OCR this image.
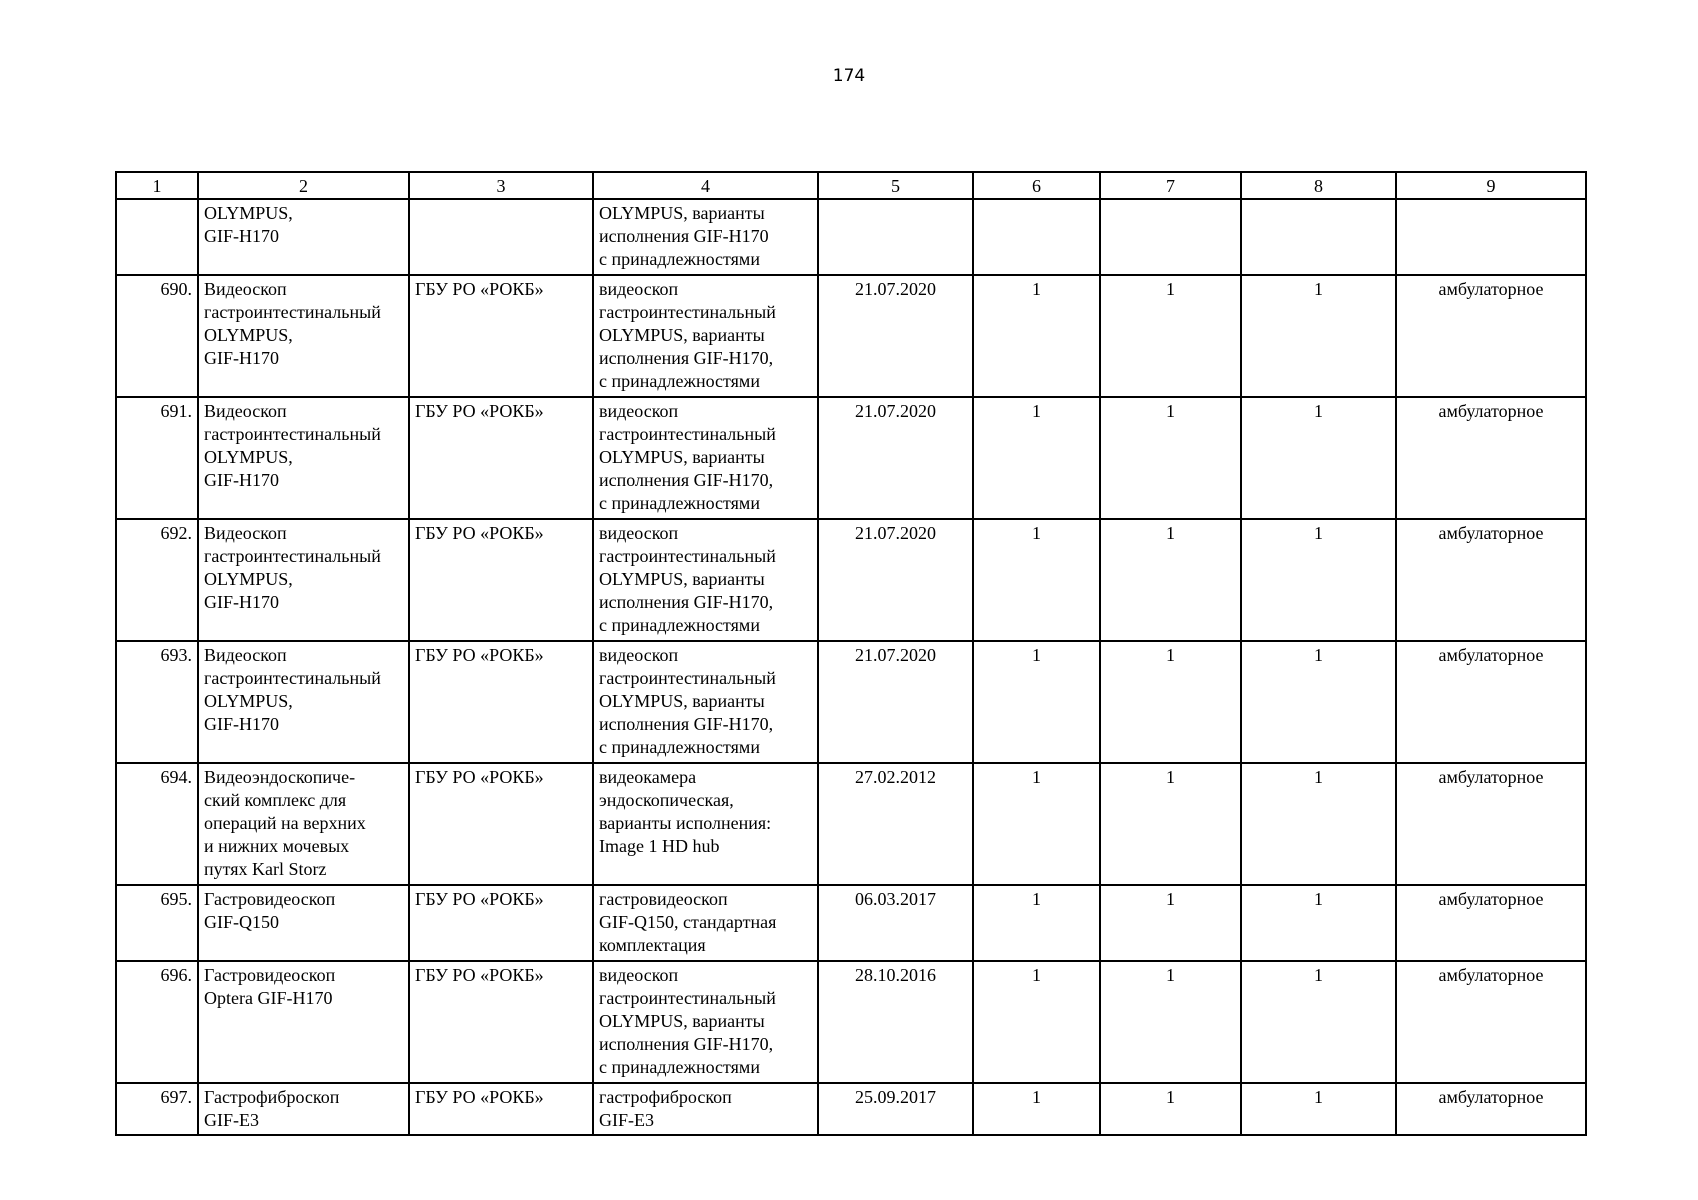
174
1	2	3	4	5	6	7	8	9
	OLYMPUS,
GIF-H170		OLYMPUS, варианты
исполнения GIF-H170
с принадлежностями					
690.	Видеоскоп
гастроинтестинальный
OLYMPUS,
GIF-H170	ГБУ РО «РОКБ»	видеоскоп
гастроинтестинальный
OLYMPUS, варианты
исполнения GIF-H170,
с принадлежностями	21.07.2020	1	1	1	амбулаторное
691.	Видеоскоп
гастроинтестинальный
OLYMPUS,
GIF-H170	ГБУ РО «РОКБ»	видеоскоп
гастроинтестинальный
OLYMPUS, варианты
исполнения GIF-H170,
с принадлежностями	21.07.2020	1	1	1	амбулаторное
692.	Видеоскоп
гастроинтестинальный
OLYMPUS,
GIF-H170	ГБУ РО «РОКБ»	видеоскоп
гастроинтестинальный
OLYMPUS, варианты
исполнения GIF-H170,
с принадлежностями	21.07.2020	1	1	1	амбулаторное
693.	Видеоскоп
гастроинтестинальный
OLYMPUS,
GIF-H170	ГБУ РО «РОКБ»	видеоскоп
гастроинтестинальный
OLYMPUS, варианты
исполнения GIF-H170,
с принадлежностями	21.07.2020	1	1	1	амбулаторное
694.	Видеоэндоскопиче-
ский комплекс для
операций на верхних
и нижних мочевых
путях Karl Storz	ГБУ РО «РОКБ»	видеокамера
эндоскопическая,
варианты исполнения:
Image 1 HD hub	27.02.2012	1	1	1	амбулаторное
695.	Гастровидеоскоп
GIF-Q150	ГБУ РО «РОКБ»	гастровидеоскоп
GIF-Q150, стандартная
комплектация	06.03.2017	1	1	1	амбулаторное
696.	Гастровидеоскоп
Optera GIF-H170	ГБУ РО «РОКБ»	видеоскоп
гастроинтестинальный
OLYMPUS, варианты
исполнения GIF-H170,
с принадлежностями	28.10.2016	1	1	1	амбулаторное
697.	Гастрофиброскоп
GIF-E3	ГБУ РО «РОКБ»	гастрофиброскоп
GIF-E3	25.09.2017	1	1	1	амбулаторное
